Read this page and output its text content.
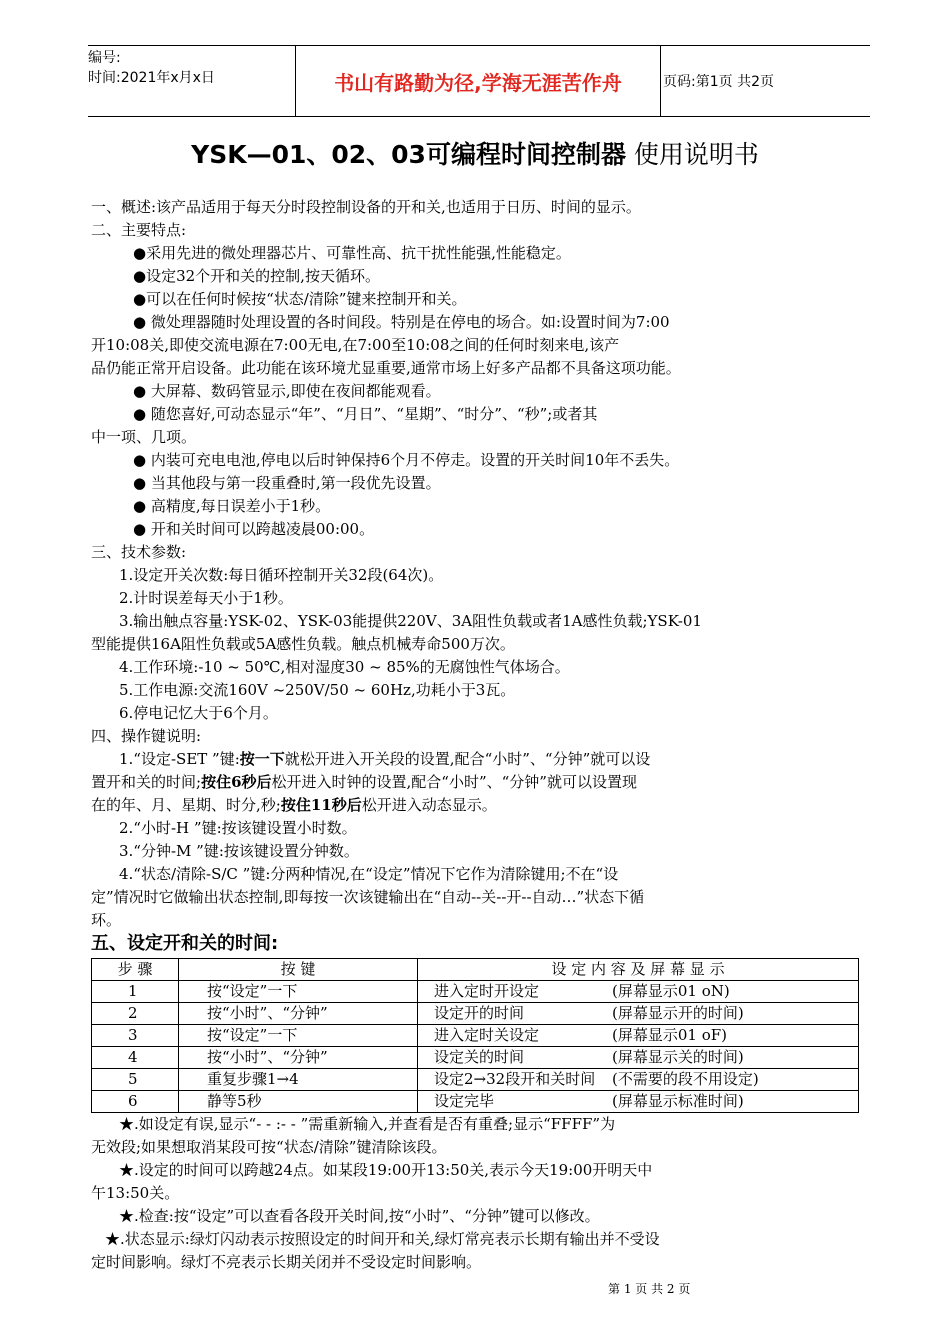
编号:
时间:2021年x月x日	书山有路勤为径,学海无涯苦作舟	页码:第1页 共2页
YSK—01、02、03可编程时间控制器 使用说明书
一、概述:该产品适用于每天分时段控制设备的开和关,也适用于日历、时间的显示。
二、主要特点:
●采用先进的微处理器芯片、可靠性高、抗干扰性能强,性能稳定。
●设定32个开和关的控制,按天循环。
●可以在任何时候按“状态/清除”键来控制开和关。
● 微处理器随时处理设置的各时间段。特别是在停电的场合。如:设置时间为7:00
开10:08关,即使交流电源在7:00无电,在7:00至10:08之间的任何时刻来电,该产
品仍能正常开启设备。此功能在该环境尤显重要,通常市场上好多产品都不具备这项功能。
● 大屏幕、数码管显示,即使在夜间都能观看。
● 随您喜好,可动态显示“年”、“月日”、“星期”、“时分”、“秒”;或者其
中一项、几项。
● 内装可充电电池,停电以后时钟保持6个月不停走。设置的开关时间10年不丢失。
● 当其他段与第一段重叠时,第一段优先设置。
● 高精度,每日误差小于1秒。
● 开和关时间可以跨越凌晨00:00。
三、技术参数:
1.设定开关次数:每日循环控制开关32段(64次)。
2.计时误差每天小于1秒。
3.输出触点容量:YSK-02、YSK-03能提供220V、3A阻性负载或者1A感性负载;YSK-01
型能提供16A阻性负载或5A感性负载。触点机械寿命500万次。
4.工作环境:-10 ~ 50℃,相对湿度30 ~ 85%的无腐蚀性气体场合。
5.工作电源:交流160V ~250V/50 ~ 60Hz,功耗小于3瓦。
6.停电记忆大于6个月。
四、操作键说明:
1.“设定-SET ”键:按一下就松开进入开关段的设置,配合“小时”、“分钟”就可以设
置开和关的时间;按住6秒后松开进入时钟的设置,配合“小时”、“分钟”就可以设置现
在的年、月、星期、时分,秒;按住11秒后松开进入动态显示。
2.“小时-H ”键:按该键设置小时数。
3.“分钟-M ”键:按该键设置分钟数。
4.“状态/清除-S/C ”键:分两种情况,在“设定”情况下它作为清除键用;不在“设
定”情况时它做输出状态控制,即每按一次该键输出在“自动--关--开--自动…”状态下循
环。
五、设定开和关的时间:
步 骤	按 键	设 定 内 容 及 屏 幕 显 示	
1	按“设定”一下	进入定时开设定	(屏幕显示01 oN)
2	按“小时”、“分钟”	设定开的时间	(屏幕显示开的时间)
3	按“设定”一下	进入定时关设定	(屏幕显示01 oF)
4	按“小时”、“分钟”	设定关的时间	(屏幕显示关的时间)
5	重复步骤1→4	设定2→32段开和关时间	(不需要的段不用设定)
6	静等5秒	设定完毕	(屏幕显示标准时间)
★.如设定有误,显示“- - :- - ”需重新输入,并查看是否有重叠;显示“FFFF”为
无效段;如果想取消某段可按“状态/清除”键清除该段。
★.设定的时间可以跨越24点。如某段19:00开13:50关,表示今天19:00开明天中
午13:50关。
★.检查:按“设定”可以查看各段开关时间,按“小时”、“分钟”键可以修改。
★.状态显示:绿灯闪动表示按照设定的时间开和关,绿灯常亮表示长期有输出并不受设
定时间影响。绿灯不亮表示长期关闭并不受设定时间影响。
第 1 页 共 2 页
